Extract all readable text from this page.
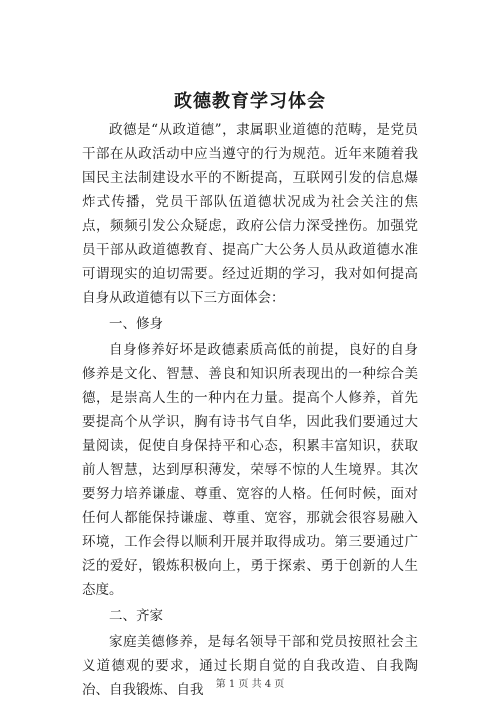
政德教育学习体会

政德是“从政道德”，隶属职业道德的范畴，是党员干部在从政活动中应当遵守的行为规范。近年来随着我国民主法制建设水平的不断提高，互联网引发的信息爆炸式传播，党员干部队伍道德状况成为社会关注的焦点，频频引发公众疑虑，政府公信力深受挫伤。加强党员干部从政道德教育、提高广大公务人员从政道德水准可谓现实的迫切需要。经过近期的学习，我对如何提高自身从政道德有以下三方面体会：

一、修身

自身修养好坏是政德素质高低的前提，良好的自身修养是文化、智慧、善良和知识所表现出的一种综合美德，是崇高人生的一种内在力量。提高个人修养，首先要提高个从学识，胸有诗书气自华，因此我们要通过大量阅读，促使自身保持平和心态，积累丰富知识，获取前人智慧，达到厚积薄发，荣辱不惊的人生境界。其次要努力培养谦虚、尊重、宽容的人格。任何时候，面对任何人都能保持谦虚、尊重、宽容，那就会很容易融入环境，工作会得以顺利开展并取得成功。第三要通过广泛的爱好，锻炼积极向上，勇于探索、勇于创新的人生态度。

二、齐家

家庭美德修养，是每名领导干部和党员按照社会主义道德观的要求，通过长期自觉的自我改造、自我陶冶、自我锻炼、自我	第 1 页 共 4 页
